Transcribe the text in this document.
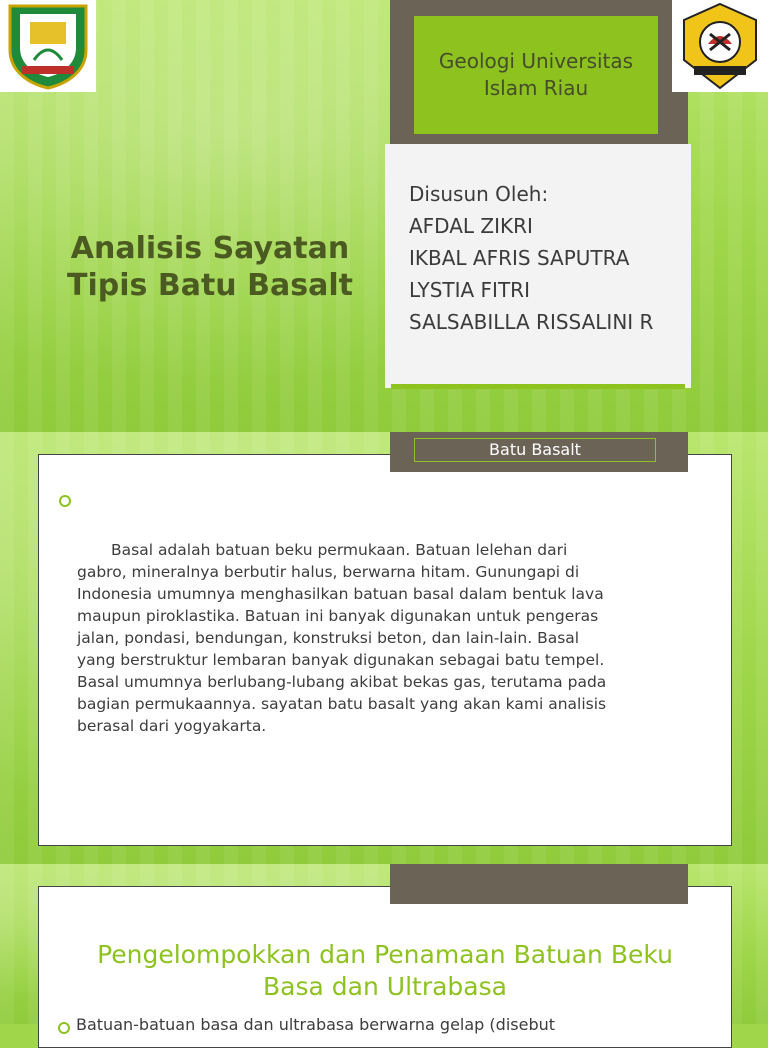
Geologi Universitas Islam Riau
Disusun Oleh:
AFDAL ZIKRI
IKBAL AFRIS SAPUTRA
LYSTIA FITRI
SALSABILLA RISSALINI R
Analisis Sayatan Tipis Batu Basalt
Basal adalah batuan beku permukaan. Batuan lelehan dari gabro, mineralnya berbutir halus, berwarna hitam. Gunungapi di Indonesia umumnya menghasilkan batuan basal dalam bentuk lava maupun piroklastika. Batuan ini banyak digunakan untuk pengeras jalan, pondasi, bendungan, konstruksi beton, dan lain-lain. Basal yang berstruktur lembaran banyak digunakan sebagai batu tempel. Basal umumnya berlubang-lubang akibat bekas gas, terutama pada bagian permukaannya. sayatan batu basalt yang akan kami analisis berasal dari yogyakarta.
Batu Basalt
Pengelompokkan dan Penamaan Batuan Beku Basa dan Ultrabasa
Batuan-batuan basa dan ultrabasa berwarna gelap (disebut
